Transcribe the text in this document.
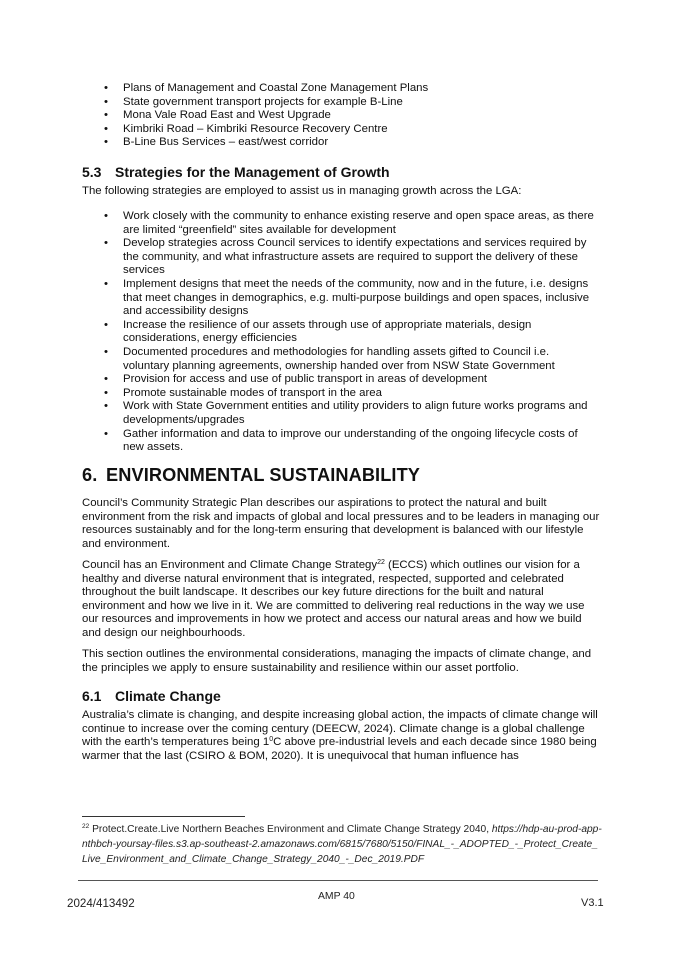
•	Plans of Management and Coastal Zone Management Plans
•	State government transport projects for example B-Line
•	Mona Vale Road East and West Upgrade
•	Kimbriki Road – Kimbriki Resource Recovery Centre
•	B-Line Bus Services – east/west corridor
5.3 Strategies for the Management of Growth
The following strategies are employed to assist us in managing growth across the LGA:
•	Work closely with the community to enhance existing reserve and open space areas, as there are limited “greenfield” sites available for development
•	Develop strategies across Council services to identify expectations and services required by the community, and what infrastructure assets are required to support the delivery of these services
•	Implement designs that meet the needs of the community, now and in the future, i.e. designs that meet changes in demographics, e.g. multi-purpose buildings and open spaces, inclusive and accessibility designs
•	Increase the resilience of our assets through use of appropriate materials, design considerations, energy efficiencies
•	Documented procedures and methodologies for handling assets gifted to Council i.e. voluntary planning agreements, ownership handed over from NSW State Government
•	Provision for access and use of public transport in areas of development
•	Promote sustainable modes of transport in the area
•	Work with State Government entities and utility providers to align future works programs and developments/upgrades
•	Gather information and data to improve our understanding of the ongoing lifecycle costs of new assets.
6. ENVIRONMENTAL SUSTAINABILITY
Council’s Community Strategic Plan describes our aspirations to protect the natural and built environment from the risk and impacts of global and local pressures and to be leaders in managing our resources sustainably and for the long-term ensuring that development is balanced with our lifestyle and environment.
Council has an Environment and Climate Change Strategy$^{22}$ (ECCS) which outlines our vision for a healthy and diverse natural environment that is integrated, respected, supported and celebrated throughout the built landscape. It describes our key future directions for the built and natural environment and how we live in it. We are committed to delivering real reductions in the way we use our resources and improvements in how we protect and access our natural areas and how we build and design our neighbourhoods.
This section outlines the environmental considerations, managing the impacts of climate change, and the principles we apply to ensure sustainability and resilience within our asset portfolio.
6.1 Climate Change
Australia’s climate is changing, and despite increasing global action, the impacts of climate change will continue to increase over the coming century (DEECW, 2024). Climate change is a global challenge with the earth’s temperatures being $1^0C$ above pre-industrial levels and each decade since 1980 being warmer that the last (CSIRO & BOM, 2020). It is unequivocal that human influence has
$^{22}$ Protect.Create.Live Northern Beaches Environment and Climate Change Strategy 2040, https://hdp-au-prod-app-nthbch-yoursay-files.s3.ap-southeast-2.amazonaws.com/6815/7680/5150/FINAL_-_ADOPTED_-_Protect_Create_Live_Environment_and_Climate_Change_Strategy_2040_-_Dec_2019.PDF
2024/413492
AMP 40
V3.1
